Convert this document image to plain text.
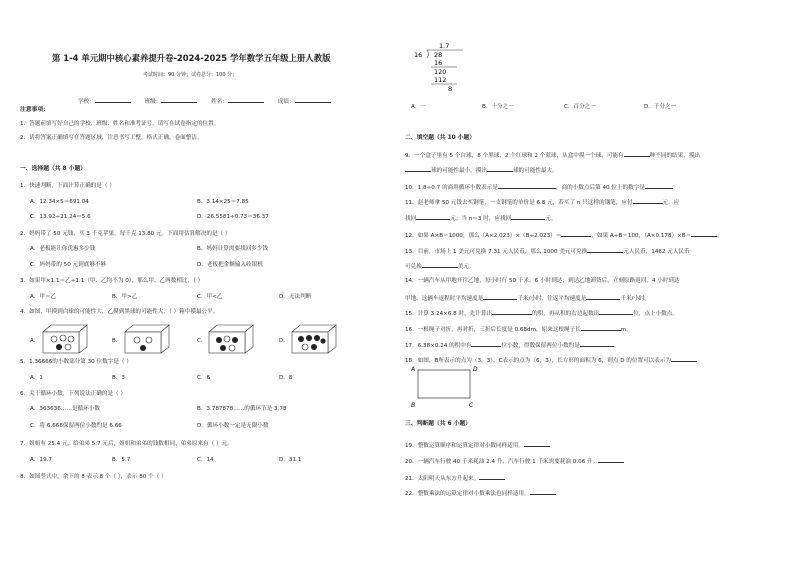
第 1-4 单元期中核心素养提升卷-2024-2025 学年数学五年级上册人教版
考试时间：90 分钟；试卷总分：100 分；
学校：	班级：	姓名：	成绩：
注意事项：
1．答题前填写好自己的学校、班级、姓名和准考证号，请写在试卷指定的位置。
2．请将答案正确填写在答题区域，注意书写工整，格式正确，卷面整洁。
一、选择题（共 8 小题）
1．快速判断，下面计算正确的是（ ）
A．12.34×5＝691.04	B．3.14×25＝7.85
C．13.92÷21.24＝5.6	D．26.5581÷0.73＝36.37
2．妈妈带了 50 元钱，买 3 千克苹果，每千克 13.80 元。下面用估算解决的是（ ）
A．老板能让你优惠多少钱	B．妈妈计算需要找回多少钱
C．妈妈带的 50 元到底够不够	D．老板把金额输入收银机
3．如果甲×1.1＝乙÷1.1（甲、乙均不为 0），那么甲、乙两数相比，（ ）
A．甲＝乙	B．甲>乙	C．甲<乙	D．无法判断
4．如图，甲摸到白球的可能性大，乙摸到黑球的可能性大，（ ）箱中摸最公平。
A．	B．	C．	D．
5．1.36666的小数部分第 30 位数字是（ ）
A．1	B．3	C．6	D．8
6．关于循环小数，下列说法正确的是（ ）
A．363636……是循环小数	B．3.787878……的循环节是 3.78
C．将 6.666保留两位小数约是 6.66	D．循环小数一定是无限小数
7．姐姐有 25.4 元，给弟弟 5.7 元后，姐姐和弟弟的钱数相同，弟弟原来有（ ）元。
A．19.7	B．5.7	C．14	D．31.1
8．如图竖式中，余下的 8 表示 8 个（ ），表示 80 个（ ）
1.7
16 28
16
120
112
8
A．一	B．十分之一	C．百分之一	D．千分之一
二、填空题（共 10 小题）
9．一个盒子里有 5 个白球，8 个黑球，2 个红球和 2 个蓝球，从盒中摸一个球，可能有	种不同的结果，摸出
球的可能性最小，摸出	球的可能性最大。
10．1.8÷0.7 的商用循环小数表示是	，商的小数点后第 40 位上的数字是	。
11．赵老师拿 50 元钱去买钢笔，一支钢笔的单价是 6.8 元，若买了 n 只这样的钢笔，应付	元，应
找回	元；当 n＝3 时，应找回	元。
12．如果 A×B＝1000，那么（A×2.023）×（B÷2.023）＝	，如果 A÷B＝100，（A×0.178）×B＝	。
13．目前，市场上 1 美元可兑换 7.31 元人民币，那么 1000 美元可兑换	元人民币，1462 元人民币
可兑换	美元。
14．一辆汽车从甲地开往乙地，每小时行 50 千米，6 小时到达；到达乙地卸货后，立刻原路返回，4 小时到达
甲地，这辆车返程时平均速度是	千米/小时，往返平均速度是	千米/小时。
15．计算 3.24×6.8 时，先计算出	的积，再从积的右边起数出	位，点上小数点。
16．一根绳子对折，再对折，三折后长度是 0.68dm，原来这根绳子长	m。
17．6.38×0.24 的积中有	位小数，得数保留两位小数约是	。
18．如图，B所表示的点为（3，3），C表示的点为（6，3），长方形的面积为 6，则点 D 的位置可以表示为
A	D
B	C
三、判断题（共 6 小题）
19．整数运算顺序和运算定律对小数同样适用。
20．一辆汽车行驶 40 千米耗油 2.4 升，汽车行驶 1 千米需要耗油 0.06 升。
21．太阳明天从东方升起来。
22．整数乘法的运算定律对小数乘法也同样适用。
